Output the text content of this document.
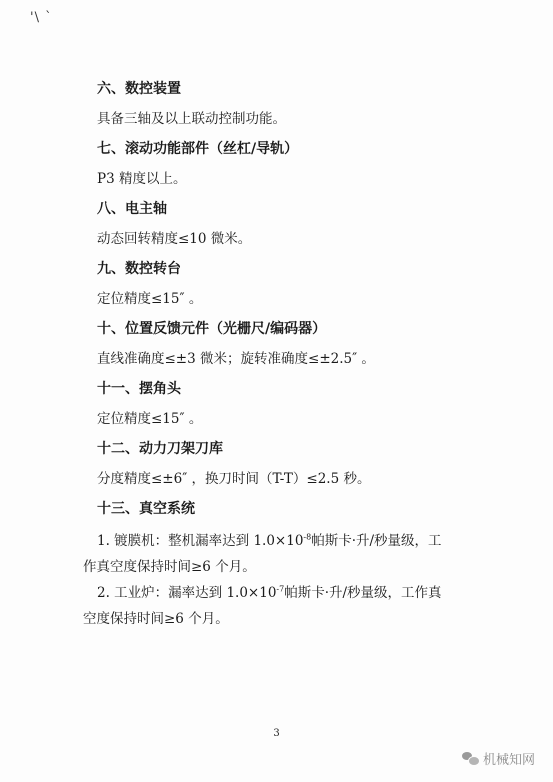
'\ ˋ

六、数控装置

具备三轴及以上联动控制功能。

七、滚动功能部件（丝杠/导轨）

P3 精度以上。

八、电主轴

动态回转精度≤10 微米。

九、数控转台

定位精度≤15″ 。

十、位置反馈元件（光栅尺/编码器）

直线准确度≤±3 微米；旋转准确度≤±2.5″ 。

十一、摆角头

定位精度≤15″ 。

十二、动力刀架刀库

分度精度≤±6″ ，换刀时间（T-T）≤2.5 秒。

十三、真空系统

1. 镀膜机：整机漏率达到 $1.0\times 10^{-8}$帕斯卡·升/秒量级，工

作真空度保持时间≥6 个月。

2. 工业炉：漏率达到 $1.0\times 10^{-7}$帕斯卡·升/秒量级，工作真

空度保持时间≥6 个月。

3
机械知网
